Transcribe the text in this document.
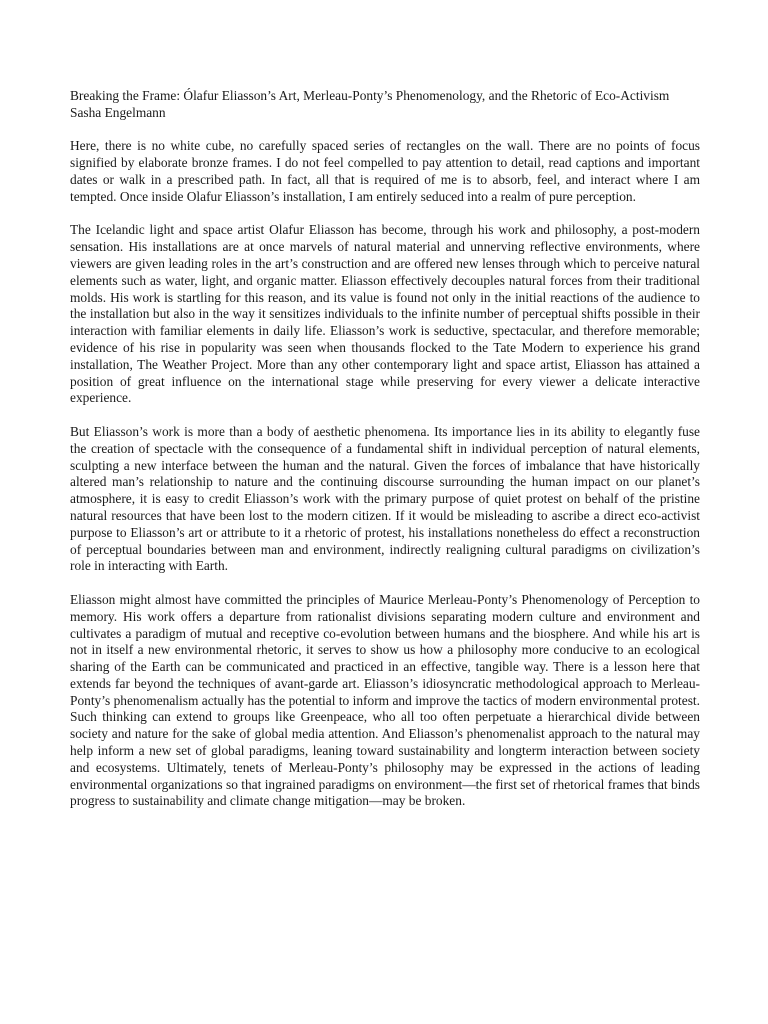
Breaking the Frame: Ólafur Eliasson’s Art, Merleau-Ponty’s Phenomenology, and the Rhetoric of Eco-Activism
Sasha Engelmann

Here, there is no white cube, no carefully spaced series of rectangles on the wall. There are no points of focus signified by elaborate bronze frames. I do not feel compelled to pay attention to detail, read captions and important dates or walk in a prescribed path. In fact, all that is required of me is to absorb, feel, and interact where I am tempted. Once inside Olafur Eliasson’s installation, I am entirely seduced into a realm of pure perception.

The Icelandic light and space artist Olafur Eliasson has become, through his work and philosophy, a post-modern sensation. His installations are at once marvels of natural material and unnerving reflective environments, where viewers are given leading roles in the art’s construction and are offered new lenses through which to perceive natural elements such as water, light, and organic matter. Eliasson effectively decouples natural forces from their traditional molds. His work is startling for this reason, and its value is found not only in the initial reactions of the audience to the installation but also in the way it sensitizes individuals to the infinite number of perceptual shifts possible in their interaction with familiar elements in daily life. Eliasson’s work is seductive, spectacular, and therefore memorable; evidence of his rise in popularity was seen when thousands flocked to the Tate Modern to experience his grand installation, The Weather Project. More than any other contemporary light and space artist, Eliasson has attained a position of great influence on the international stage while preserving for every viewer a delicate interactive experience.

But Eliasson’s work is more than a body of aesthetic phenomena. Its importance lies in its ability to elegantly fuse the creation of spectacle with the consequence of a fundamental shift in individual perception of natural elements, sculpting a new interface between the human and the natural. Given the forces of imbalance that have historically altered man’s relationship to nature and the continuing discourse surrounding the human impact on our planet’s atmosphere, it is easy to credit Eliasson’s work with the primary purpose of quiet protest on behalf of the pristine natural resources that have been lost to the modern citizen. If it would be misleading to ascribe a direct eco-activist purpose to Eliasson’s art or attribute to it a rhetoric of protest, his installations nonetheless do effect a reconstruction of perceptual boundaries between man and environment, indirectly realigning cultural paradigms on civilization’s role in interacting with Earth.

Eliasson might almost have committed the principles of Maurice Merleau-Ponty’s Phenomenology of Perception to memory. His work offers a departure from rationalist divisions separating modern culture and environment and cultivates a paradigm of mutual and receptive co-evolution between humans and the biosphere. And while his art is not in itself a new environmental rhetoric, it serves to show us how a philosophy more conducive to an ecological sharing of the Earth can be communicated and practiced in an effective, tangible way. There is a lesson here that extends far beyond the techniques of avant-garde art. Eliasson’s idiosyncratic methodological approach to Merleau-Ponty’s phenomenalism actually has the potential to inform and improve the tactics of modern environmental protest. Such thinking can extend to groups like Greenpeace, who all too often perpetuate a hierarchical divide between society and nature for the sake of global media attention. And Eliasson’s phenomenalist approach to the natural may help inform a new set of global paradigms, leaning toward sustainability and longterm interaction between society and ecosystems. Ultimately, tenets of Merleau-Ponty’s philosophy may be expressed in the actions of leading environmental organizations so that ingrained paradigms on environment—the first set of rhetorical frames that binds progress to sustainability and climate change mitigation—may be broken.
